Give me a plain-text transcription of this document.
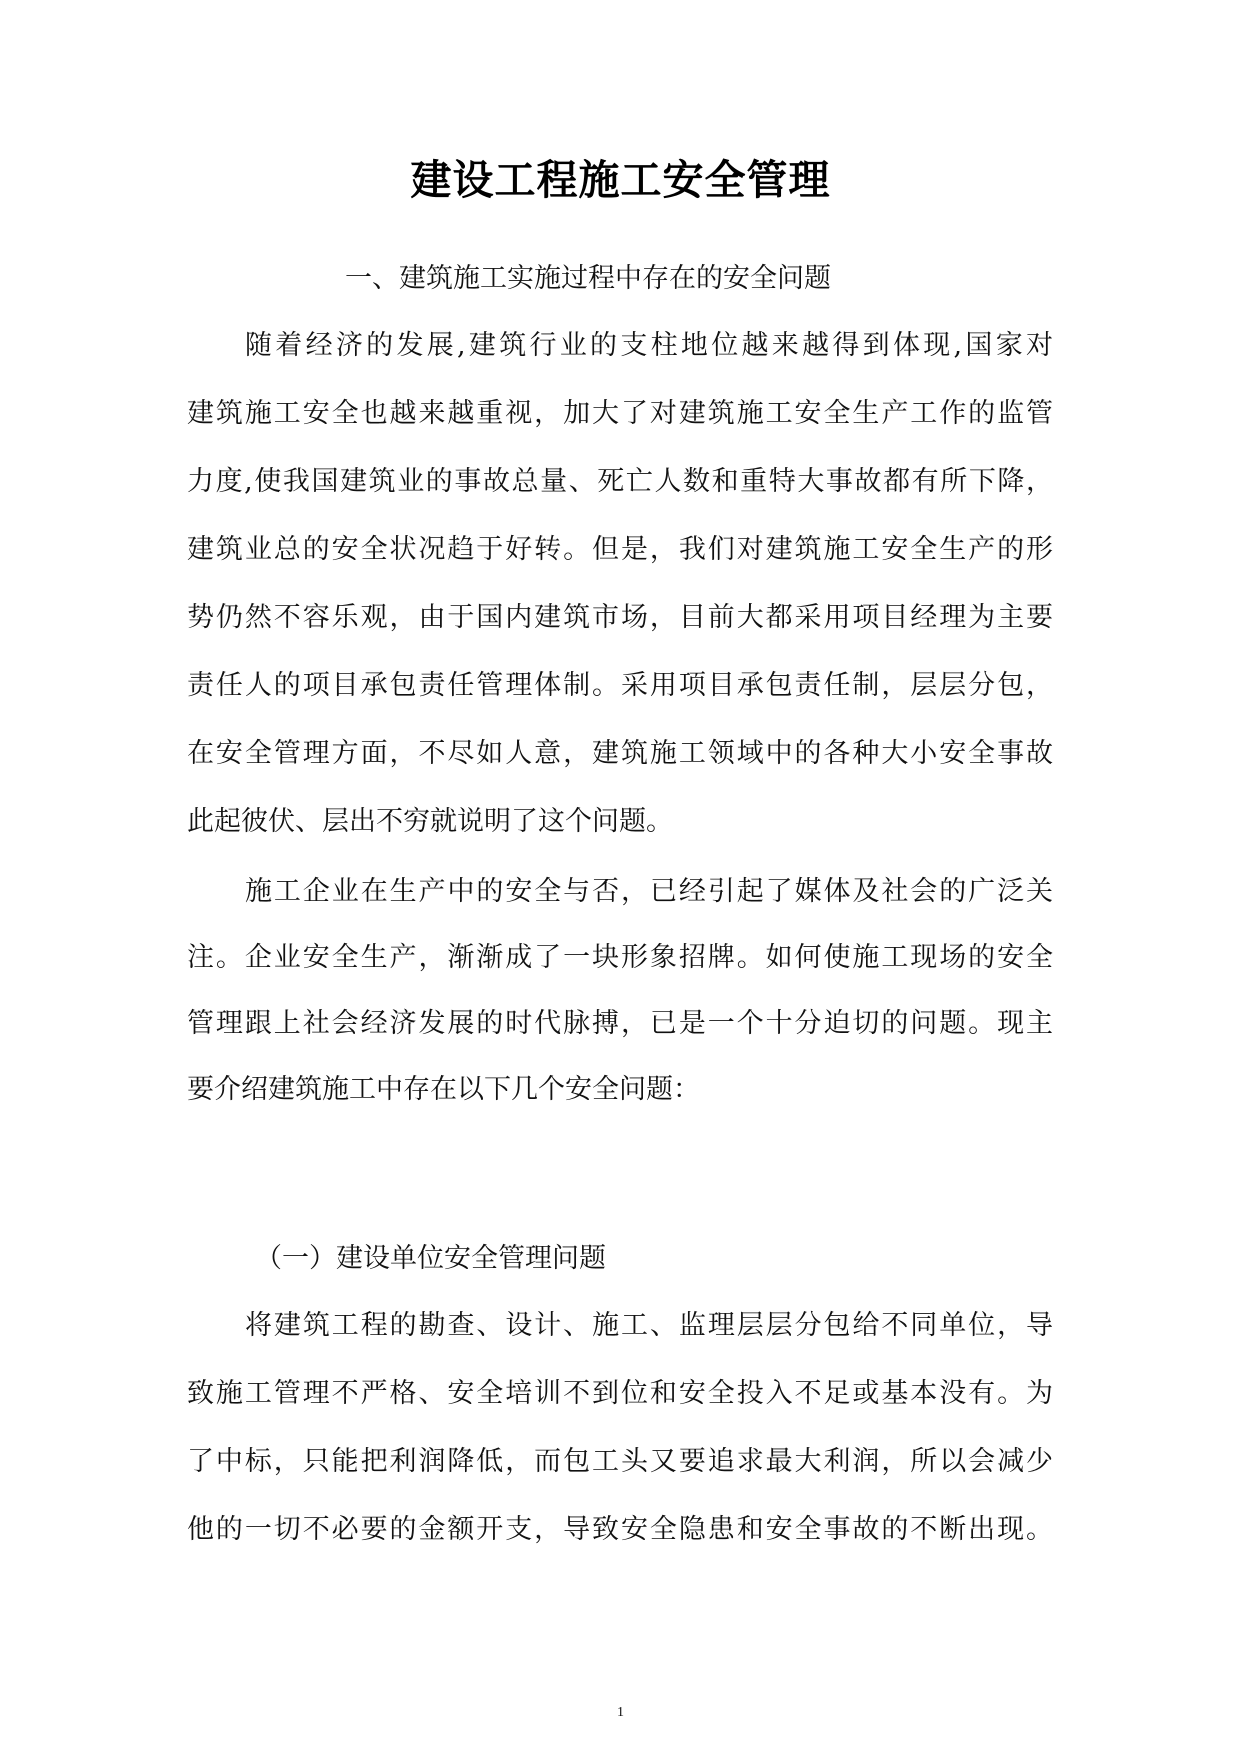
建设工程施工安全管理
一、建筑施工实施过程中存在的安全问题
随着经济的发展,建筑行业的支柱地位越来越得到体现,国家对
建筑施工安全也越来越重视，加大了对建筑施工安全生产工作的监管
力度,使我国建筑业的事故总量、死亡人数和重特大事故都有所下降，
建筑业总的安全状况趋于好转。但是，我们对建筑施工安全生产的形
势仍然不容乐观，由于国内建筑市场，目前大都采用项目经理为主要
责任人的项目承包责任管理体制。采用项目承包责任制，层层分包，
在安全管理方面，不尽如人意，建筑施工领域中的各种大小安全事故
此起彼伏、层出不穷就说明了这个问题。
施工企业在生产中的安全与否，已经引起了媒体及社会的广泛关
注。企业安全生产，渐渐成了一块形象招牌。如何使施工现场的安全
管理跟上社会经济发展的时代脉搏，已是一个十分迫切的问题。现主
要介绍建筑施工中存在以下几个安全问题：
（一）建设单位安全管理问题
将建筑工程的勘查、设计、施工、监理层层分包给不同单位，导
致施工管理不严格、安全培训不到位和安全投入不足或基本没有。为
了中标，只能把利润降低，而包工头又要追求最大利润，所以会减少
他的一切不必要的金额开支，导致安全隐患和安全事故的不断出现。
1
